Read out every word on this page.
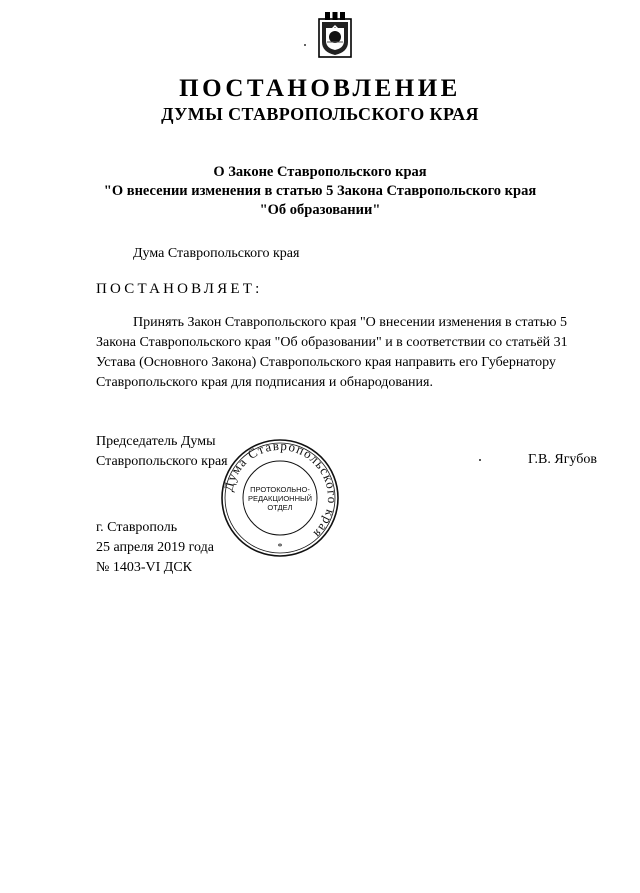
ПОСТАНОВЛЕНИЕ
ДУМЫ СТАВРОПОЛЬСКОГО КРАЯ
О Законе Ставропольского края
"О внесении изменения в статью 5 Закона Ставропольского края
"Об образовании"
Дума Ставропольского края
ПОСТАНОВЛЯЕТ:
Принять Закон Ставропольского края "О внесении изменения в статью 5
Закона Ставропольского края "Об образовании" и в соответствии со статьёй 31
Устава (Основного Закона) Ставропольского края направить его Губернатору
Ставропольского края для подписания и обнародования.
Председатель Думы
Ставропольского края	Г.В. Ягубов
Дума Ставропольского края
ПРОТОКОЛЬНО-
РЕДАКЦИОННЫЙ
ОТДЕЛ
*
г. Ставрополь
25 апреля 2019 года
№ 1403-VI ДСК
